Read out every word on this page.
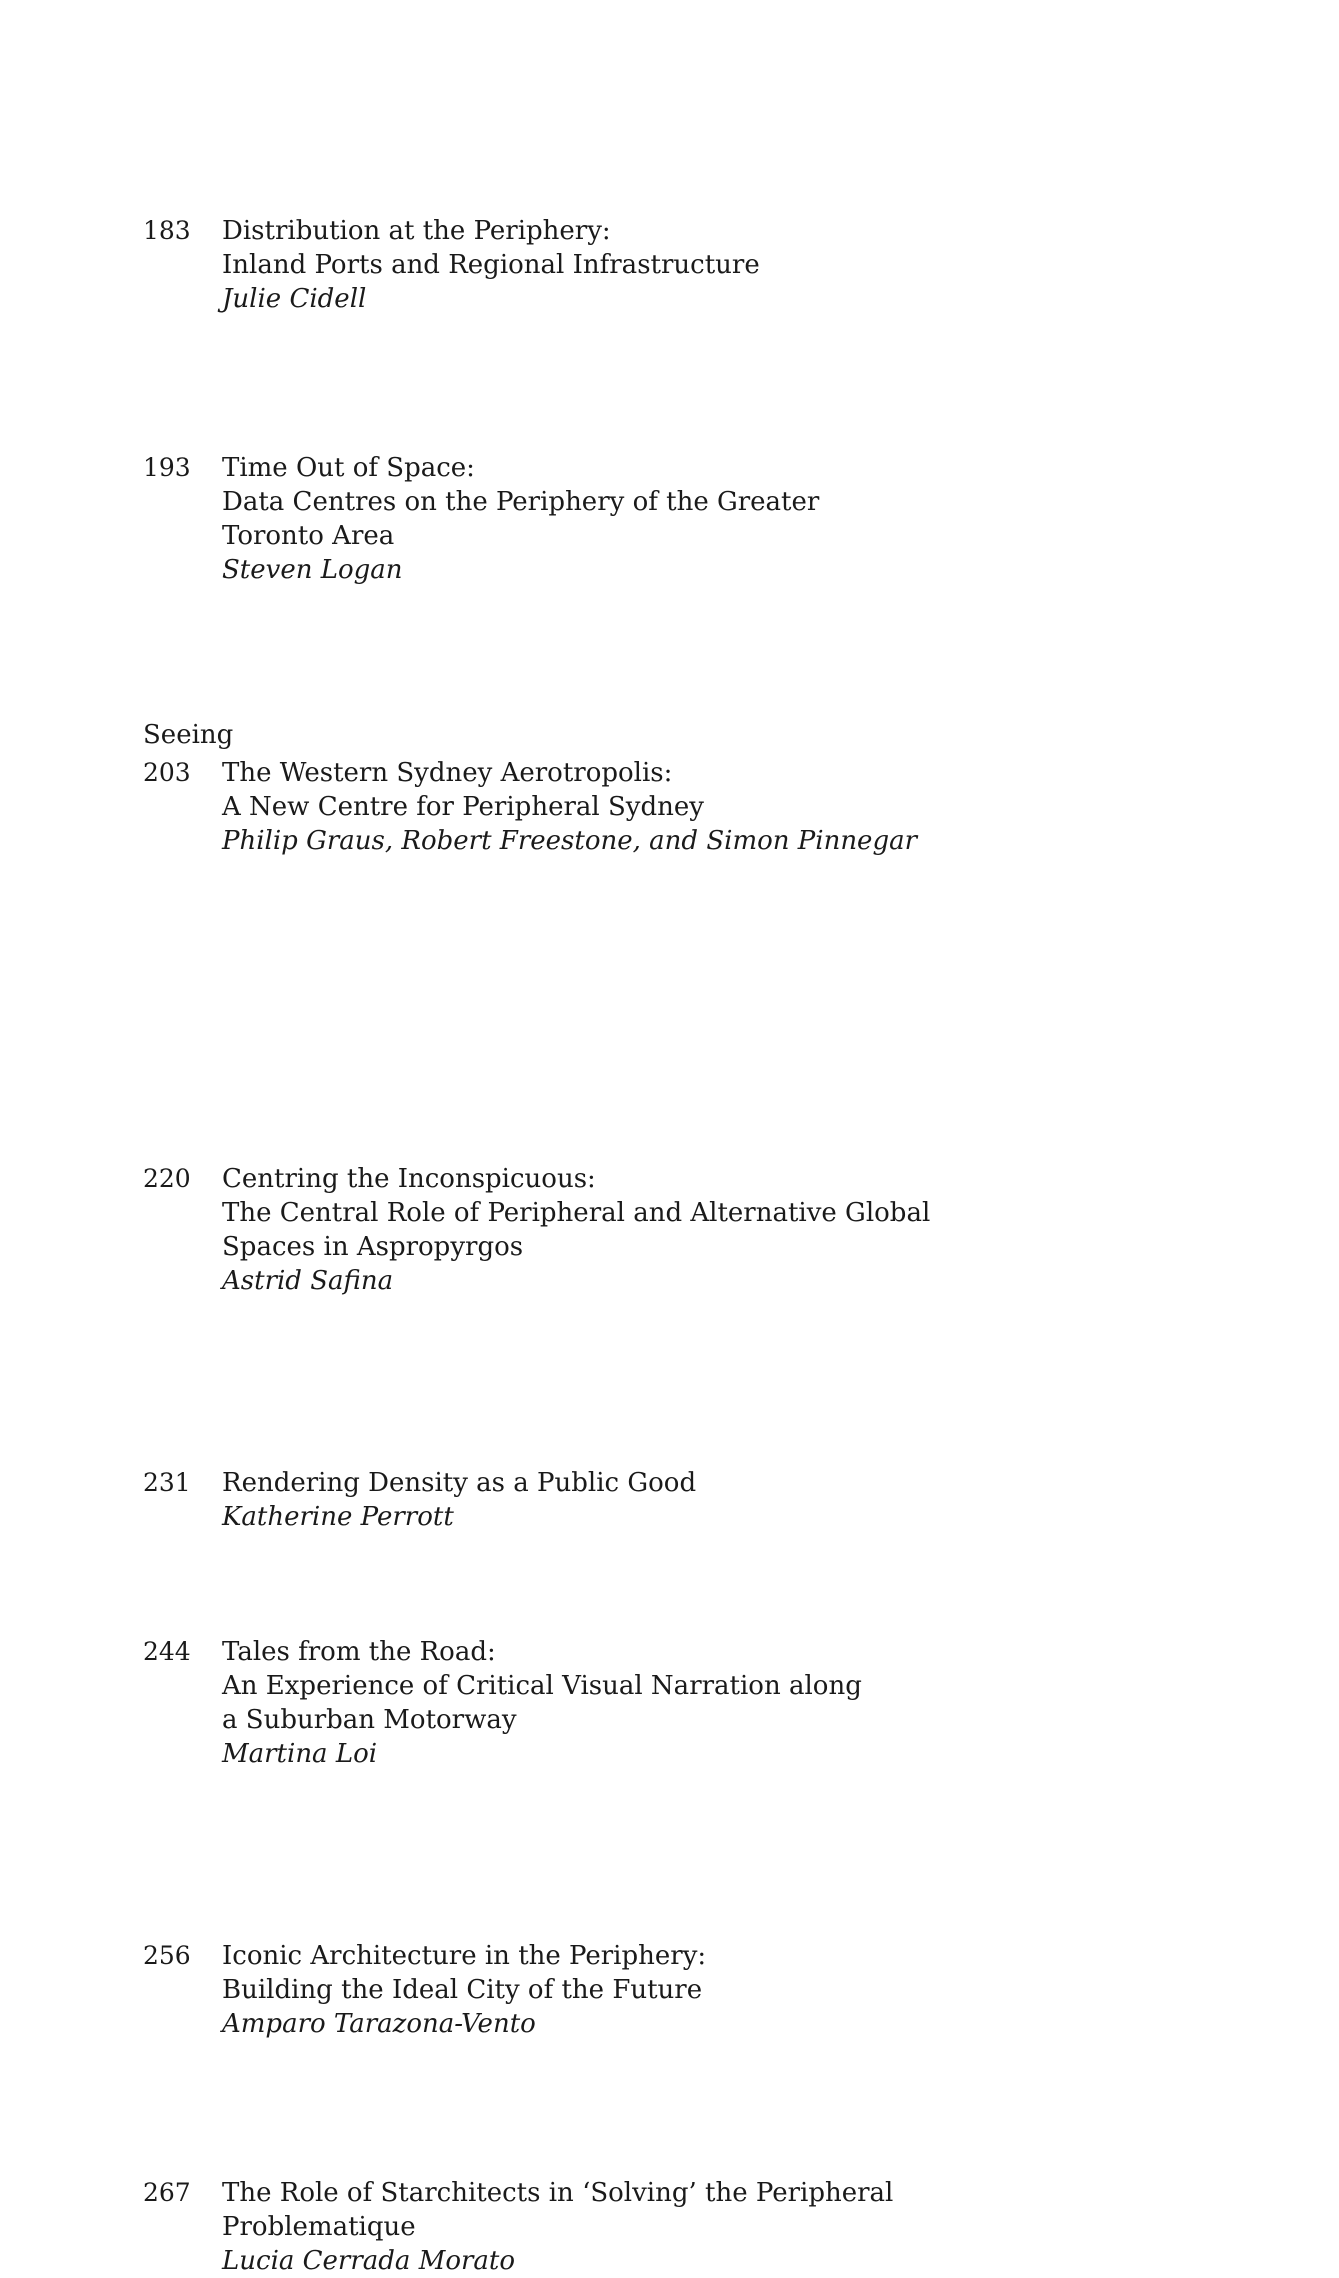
183 Distribution at the Periphery:
Inland Ports and Regional Infrastructure
Julie Cidell
193 Time Out of Space:
Data Centres on the Periphery of the Greater
Toronto Area
Steven Logan
203 The Western Sydney Aerotropolis:
A New Centre for Peripheral Sydney
Philip Graus, Robert Freestone, and Simon Pinnegar
Seeing
220 Centring the Inconspicuous:
The Central Role of Peripheral and Alternative Global
Spaces in Aspropyrgos
Astrid Safina
231 Rendering Density as a Public Good
Katherine Perrott
244 Tales from the Road:
An Experience of Critical Visual Narration along
a Suburban Motorway
Martina Loi
256 Iconic Architecture in the Periphery:
Building the Ideal City of the Future
Amparo Tarazona-Vento
267 The Role of Starchitects in ‘Solving’ the Peripheral
Problematique
Lucia Cerrada Morato
